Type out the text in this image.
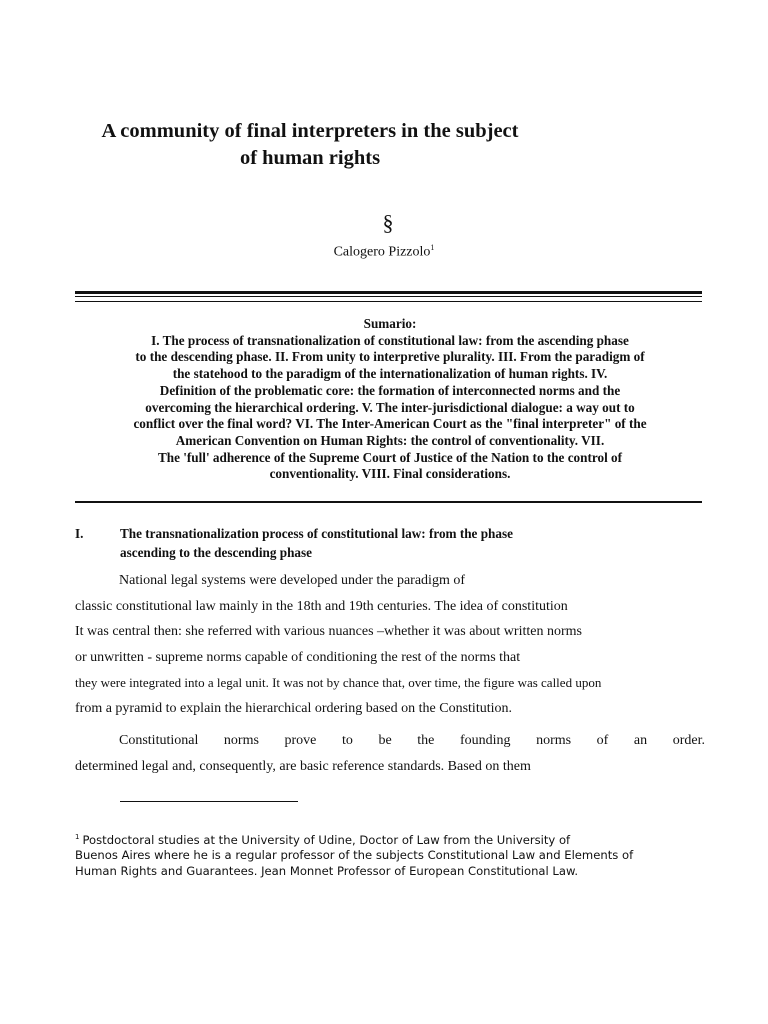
A community of final interpreters in the subject
of human rights
§
Calogero Pizzolo$^1$
Sumario:
I. The process of transnationalization of constitutional law: from the ascending phase
to the descending phase. II. From unity to interpretive plurality. III. From the paradigm of
the statehood to the paradigm of the internationalization of human rights. IV.
Definition of the problematic core: the formation of interconnected norms and the
overcoming the hierarchical ordering. V. The inter-jurisdictional dialogue: a way out to
conflict over the final word? VI. The Inter-American Court as the "final interpreter" of the
American Convention on Human Rights: the control of conventionality. VII.
The 'full' adherence of the Supreme Court of Justice of the Nation to the control of
conventionality. VIII. Final considerations.
I.	The transnationalization process of constitutional law: from the phase
ascending to the descending phase
National legal systems were developed under the paradigm of
classic constitutional law mainly in the 18th and 19th centuries. The idea of constitution
It was central then: she referred with various nuances –whether it was about written norms
or unwritten - supreme norms capable of conditioning the rest of the norms that
they were integrated into a legal unit. It was not by chance that, over time, the figure was called upon
from a pyramid to explain the hierarchical ordering based on the Constitution.
Constitutional norms prove to be the founding norms of an order.
determined legal and, consequently, are basic reference standards. Based on them
$^1$ Postdoctoral studies at the University of Udine, Doctor of Law from the University of
Buenos Aires where he is a regular professor of the subjects Constitutional Law and Elements of
Human Rights and Guarantees. Jean Monnet Professor of European Constitutional Law.
